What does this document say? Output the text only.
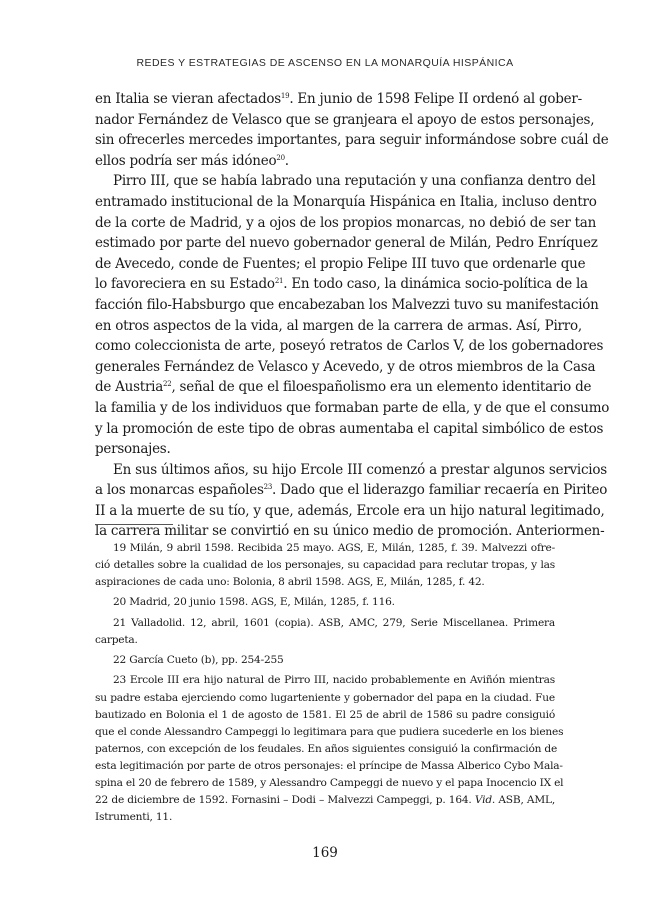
REDES Y ESTRATEGIAS DE ASCENSO EN LA MONARQUÍA HISPÁNICA
en Italia se vieran afectados$^{19}$. En junio de 1598 Felipe II ordenó al gober-
nador Fernández de Velasco que se granjeara el apoyo de estos personajes,
sin ofrecerles mercedes importantes, para seguir informándose sobre cuál de
ellos podría ser más idóneo$^{20}$.
Pirro III, que se había labrado una reputación y una confianza dentro del
entramado institucional de la Monarquía Hispánica en Italia, incluso dentro
de la corte de Madrid, y a ojos de los propios monarcas, no debió de ser tan
estimado por parte del nuevo gobernador general de Milán, Pedro Enríquez
de Avecedo, conde de Fuentes; el propio Felipe III tuvo que ordenarle que
lo favoreciera en su Estado$^{21}$. En todo caso, la dinámica socio-política de la
facción filo-Habsburgo que encabezaban los Malvezzi tuvo su manifestación
en otros aspectos de la vida, al margen de la carrera de armas. Así, Pirro,
como coleccionista de arte, poseyó retratos de Carlos V, de los gobernadores
generales Fernández de Velasco y Acevedo, y de otros miembros de la Casa
de Austria$^{22}$, señal de que el filoespañolismo era un elemento identitario de
la familia y de los individuos que formaban parte de ella, y de que el consumo
y la promoción de este tipo de obras aumentaba el capital simbólico de estos
personajes.
En sus últimos años, su hijo Ercole III comenzó a prestar algunos servicios
a los monarcas españoles$^{23}$. Dado que el liderazgo familiar recaería en Piriteo
II a la muerte de su tío, y que, además, Ercole era un hijo natural legitimado,
la carrera militar se convirtió en su único medio de promoción. Anteriormen-
19 Milán, 9 abril 1598. Recibida 25 mayo. AGS, E, Milán, 1285, f. 39. Malvezzi ofre-
ció detalles sobre la cualidad de los personajes, su capacidad para reclutar tropas, y las
aspiraciones de cada uno: Bolonia, 8 abril 1598. AGS, E, Milán, 1285, f. 42.
20 Madrid, 20 junio 1598. AGS, E, Milán, 1285, f. 116.
21 Valladolid. 12, abril, 1601 (copia). ASB, AMC, 279, Serie Miscellanea. Primera
carpeta.
22 García Cueto (b), pp. 254-255
23 Ercole III era hijo natural de Pirro III, nacido probablemente en Aviñón mientras
su padre estaba ejerciendo como lugarteniente y gobernador del papa en la ciudad. Fue
bautizado en Bolonia el 1 de agosto de 1581. El 25 de abril de 1586 su padre consiguió
que el conde Alessandro Campeggi lo legitimara para que pudiera sucederle en los bienes
paternos, con excepción de los feudales. En años siguientes consiguió la confirmación de
esta legitimación por parte de otros personajes: el príncipe de Massa Alberico Cybo Mala-
spina el 20 de febrero de 1589, y Alessandro Campeggi de nuevo y el papa Inocencio IX el
22 de diciembre de 1592. Fornasini – Dodi – Malvezzi Campeggi, p. 164. Vid. ASB, AML,
Istrumenti, 11.
169
